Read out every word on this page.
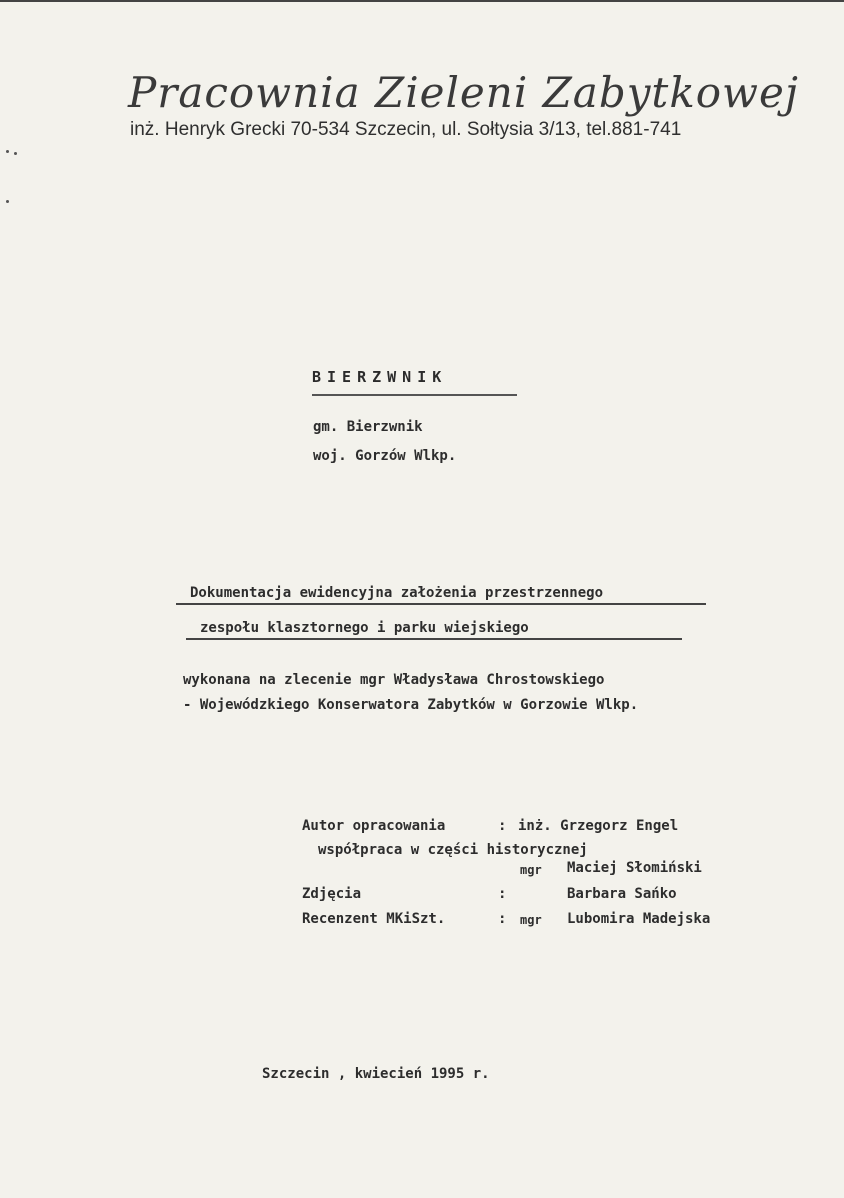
Pracownia Zieleni Zabytkowej
inż. Henryk Grecki 70-534 Szczecin, ul. Sołtysia 3/13, tel.881-741
BIERZWNIK
gm. Bierzwnik
woj. Gorzów Wlkp.
Dokumentacja ewidencyjna założenia przestrzennego
zespołu klasztornego i parku wiejskiego
wykonana na zlecenie mgr Władysława Chrostowskiego
- Wojewódzkiego Konserwatora Zabytków w Gorzowie Wlkp.
Autor opracowania	: inż. Grzegorz Engel
współpraca w części historycznej
mgr Maciej Słomiński
Zdjęcia	:	Barbara Sańko
Recenzent MKiSzt.	: mgr Lubomira Madejska
Szczecin , kwiecień 1995 r.
